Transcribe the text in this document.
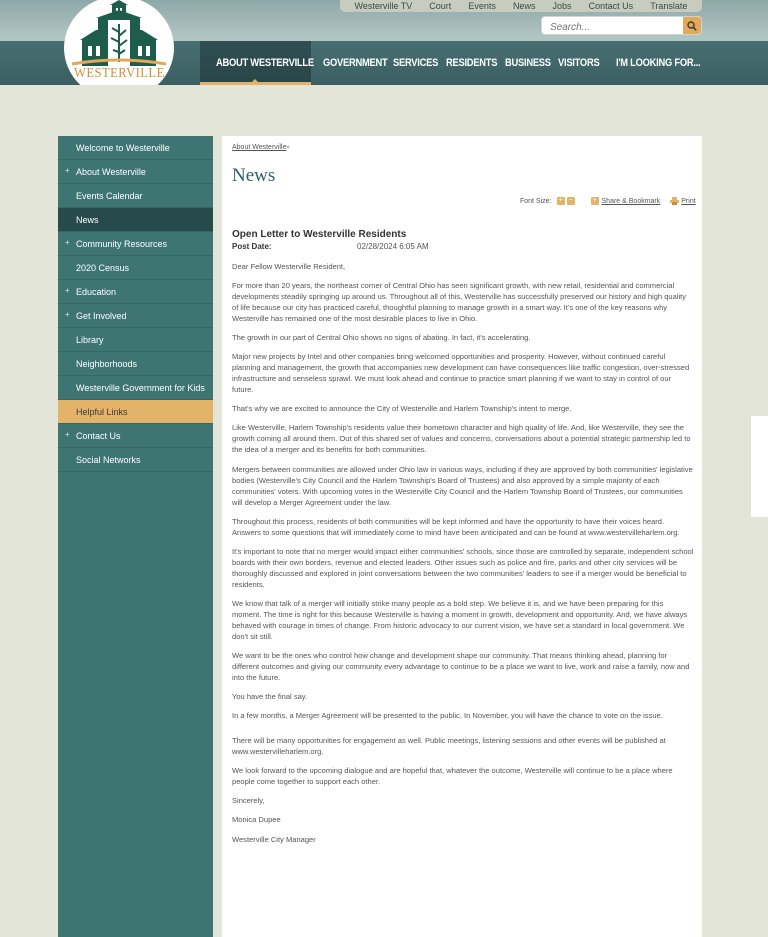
Westerville TV Court Events News Jobs Contact Us Translate
Search...
ABOUT WESTERVILLE GOVERNMENT SERVICES RESIDENTS BUSINESS VISITORS I'M LOOKING FOR...
WESTERVILLE
Welcome to Westerville
+ About Westerville
Events Calendar
News
+ Community Resources
2020 Census
+ Education
+ Get Involved
Library
Neighborhoods
Westerville Government for Kids
Helpful Links
+ Contact Us
Social Networks
About Westerville »
News
Font Size: + −	+ Share & Bookmark	Print
Open Letter to Westerville Residents
Post Date:	02/28/2024 6:05 AM

Dear Fellow Westerville Resident,

For more than 20 years, the northeast corner of Central Ohio has seen significant growth, with new retail, residential and commercial developments steadily springing up around us. Throughout all of this, Westerville has successfully preserved our history and high quality of life because our city has practiced careful, thoughtful planning to manage growth in a smart way. It's one of the key reasons why Westerville has remained one of the most desirable places to live in Ohio.

The growth in our part of Central Ohio shows no signs of abating. In fact, it's accelerating.

Major new projects by Intel and other companies bring welcomed opportunities and prosperity. However, without continued careful planning and management, the growth that accompanies new development can have consequences like traffic congestion, over-stressed infrastructure and senseless sprawl. We must look ahead and continue to practice smart planning if we want to stay in control of our future.

That's why we are excited to announce the City of Westerville and Harlem Township's intent to merge.

Like Westerville, Harlem Township's residents value their hometown character and high quality of life. And, like Westerville, they see the growth coming all around them. Out of this shared set of values and concerns, conversations about a potential strategic partnership led to the idea of a merger and its benefits for both communities.

Mergers between communities are allowed under Ohio law in various ways, including if they are approved by both communities' legislative bodies (Westerville's City Council and the Harlem Township's Board of Trustees) and also approved by a simple majority of each communities' voters. With upcoming votes in the Westerville City Council and the Harlem Township Board of Trustees, our communities will develop a Merger Agreement under the law.

Throughout this process, residents of both communities will be kept informed and have the opportunity to have their voices heard. Answers to some questions that will immediately come to mind have been anticipated and can be found at www.westervilleharlem.org.

It's important to note that no merger would impact either communities' schools, since those are controlled by separate, independent school boards with their own borders, revenue and elected leaders. Other issues such as police and fire, parks and other city services will be thoroughly discussed and explored in joint conversations between the two communities' leaders to see if a merger would be beneficial to residents.

We know that talk of a merger will initially strike many people as a bold step. We believe it is, and we have been preparing for this moment. The time is right for this because Westerville is having a moment in growth, development and opportunity. And, we have always behaved with courage in times of change. From historic advocacy to our current vision, we have set a standard in local government. We don't sit still.

We want to be the ones who control how change and development shape our community. That means thinking ahead, planning for different outcomes and giving our community every advantage to continue to be a place we want to live, work and raise a family, now and into the future.

You have the final say.

In a few months, a Merger Agreement will be presented to the public. In November, you will have the chance to vote on the issue.

There will be many opportunities for engagement as well. Public meetings, listening sessions and other events will be published at www.westervilleharlem.org.

We look forward to the upcoming dialogue and are hopeful that, whatever the outcome, Westerville will continue to be a place where people come together to support each other.

Sincerely,

Monica Dupee

Westerville City Manager
